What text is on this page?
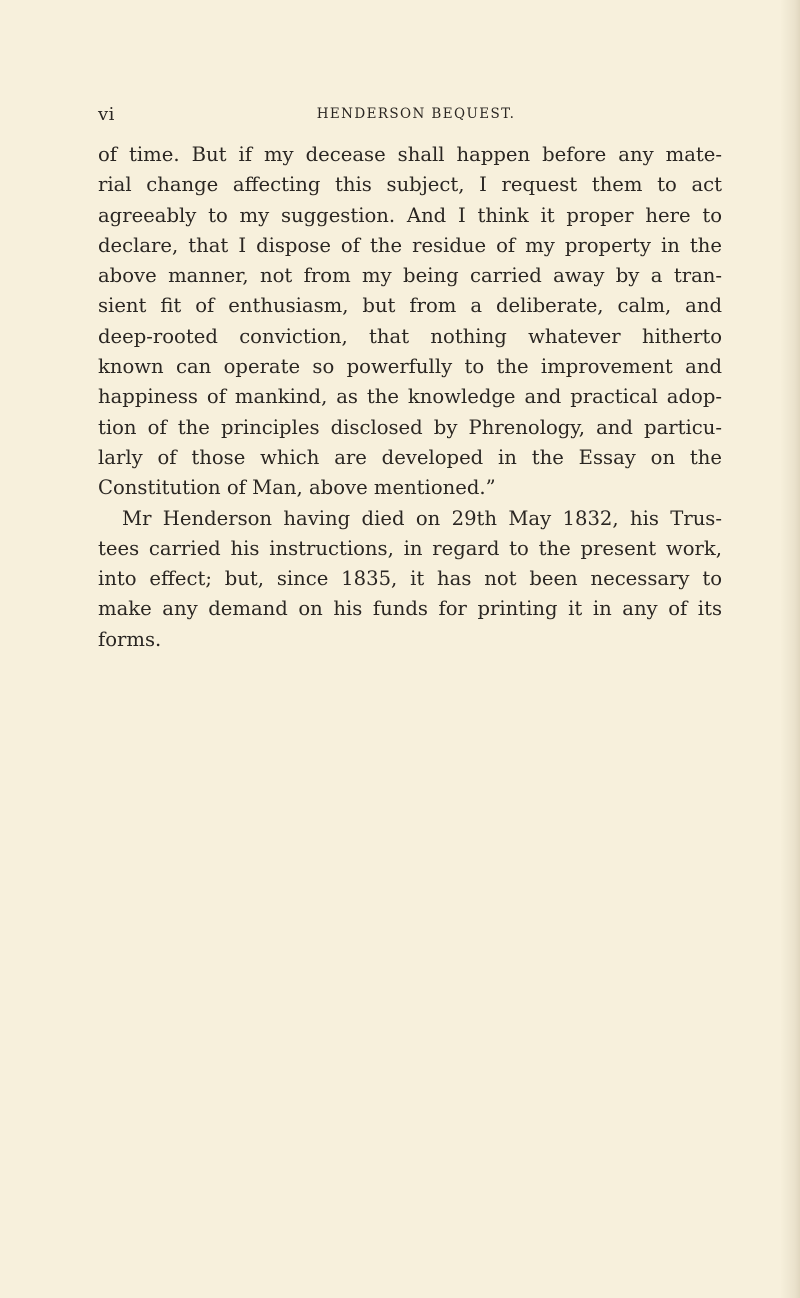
vi	HENDERSON BEQUEST.
of time. But if my decease shall happen before any mate-
rial change affecting this subject, I request them to act
agreeably to my suggestion. And I think it proper here to
declare, that I dispose of the residue of my property in the
above manner, not from my being carried away by a tran-
sient fit of enthusiasm, but from a deliberate, calm, and
deep-rooted conviction, that nothing whatever hitherto
known can operate so powerfully to the improvement and
happiness of mankind, as the knowledge and practical adop-
tion of the principles disclosed by Phrenology, and particu-
larly of those which are developed in the Essay on the
Constitution of Man, above mentioned.”
Mr Henderson having died on 29th May 1832, his Trus-
tees carried his instructions, in regard to the present work,
into effect; but, since 1835, it has not been necessary to
make any demand on his funds for printing it in any of its
forms.
